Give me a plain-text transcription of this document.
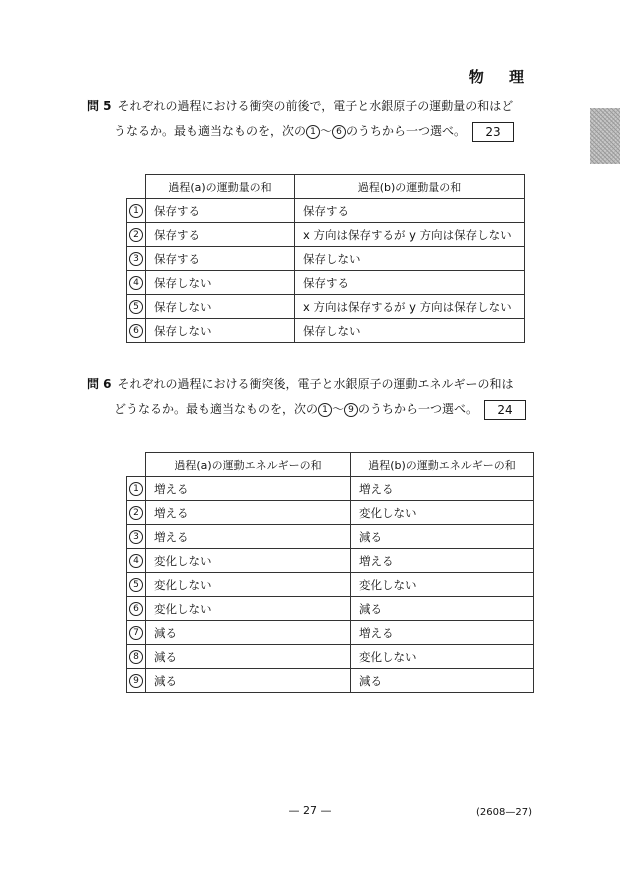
物 理

問 5 それぞれの過程における衝突の前後で，電子と水銀原子の運動量の和はど
うなるか。最も適当なものを，次の 1 〜 6 のうちから一つ選べ。 23

	過程(a)の運動量の和	過程(b)の運動量の和
1	保存する	保存する
2	保存する	x 方向は保存するが y 方向は保存しない
3	保存する	保存しない
4	保存しない	保存する
5	保存しない	x 方向は保存するが y 方向は保存しない
6	保存しない	保存しない

問 6 それぞれの過程における衝突後，電子と水銀原子の運動エネルギーの和は
どうなるか。最も適当なものを，次の 1 〜 9 のうちから一つ選べ。 24

	過程(a)の運動エネルギーの和	過程(b)の運動エネルギーの和
1	増える	増える
2	増える	変化しない
3	増える	減る
4	変化しない	増える
5	変化しない	変化しない
6	変化しない	減る
7	減る	増える
8	減る	変化しない
9	減る	減る

— 27 —	(2608—27)
